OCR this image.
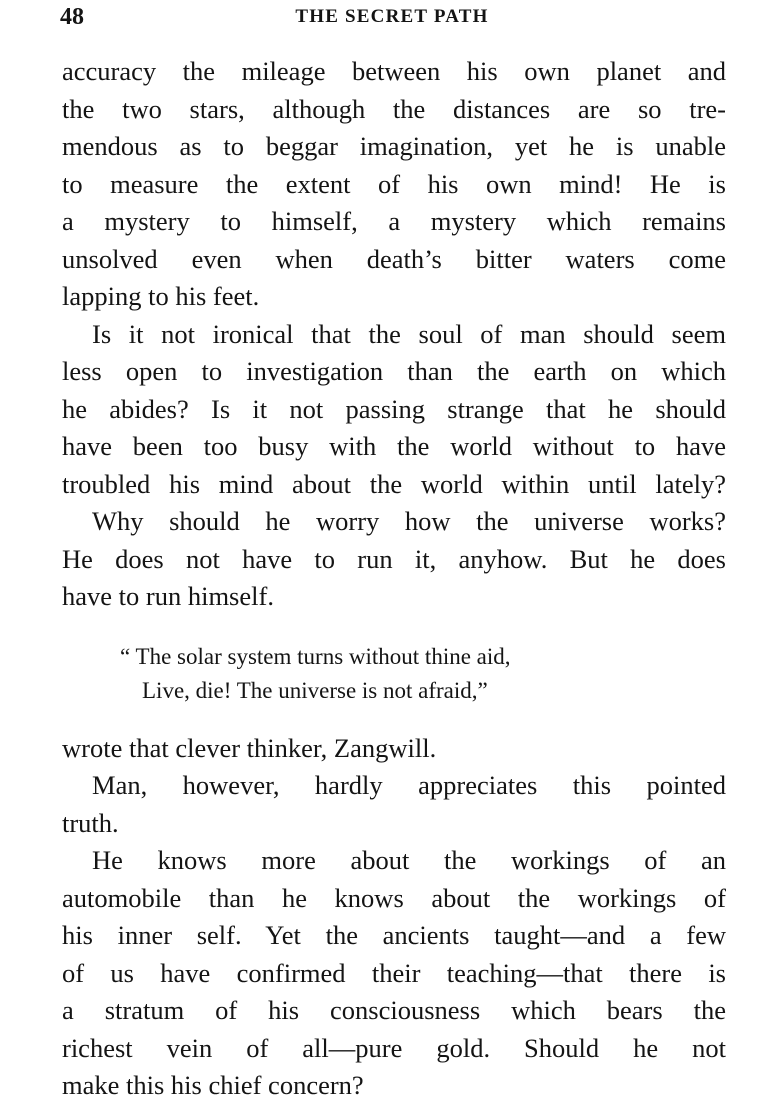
48	THE SECRET PATH
accuracy the mileage between his own planet and
the two stars, although the distances are so tre-
mendous as to beggar imagination, yet he is unable
to measure the extent of his own mind! He is
a mystery to himself, a mystery which remains
unsolved even when death’s bitter waters come
lapping to his feet.
Is it not ironical that the soul of man should seem
less open to investigation than the earth on which
he abides? Is it not passing strange that he should
have been too busy with the world without to have
troubled his mind about the world within until lately?
Why should he worry how the universe works?
He does not have to run it, anyhow. But he does
have to run himself.
“ The solar system turns without thine aid,
Live, die! The universe is not afraid,”
wrote that clever thinker, Zangwill.
Man, however, hardly appreciates this pointed
truth.
He knows more about the workings of an
automobile than he knows about the workings of
his inner self. Yet the ancients taught—and a few
of us have confirmed their teaching—that there is
a stratum of his consciousness which bears the
richest vein of all—pure gold. Should he not
make this his chief concern?
